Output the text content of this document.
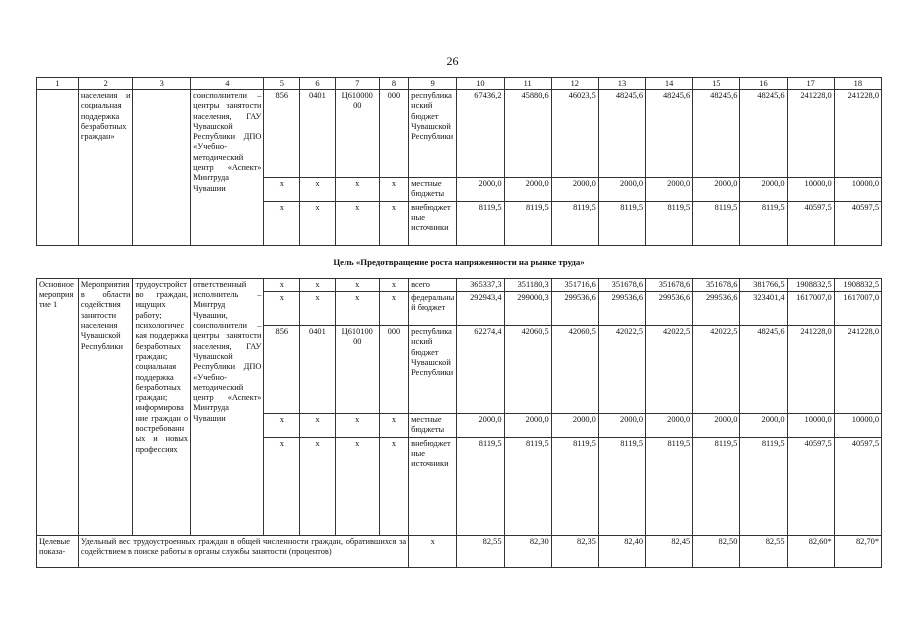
26
1	2	3	4	5	6	7	8	9	10	11	12	13	14	15	16	17	18
	населения и социальная поддержка безработных граждан»		соисполнители – центры занятости населения, ГАУ Чувашской Республики ДПО «Учебно-методический центр «Аспект» Минтруда Чувашии	856	0401	Ц610000 00	000	республиканский бюджет Чувашской Республики	67436,2	45880,6	46023,5	48245,6	48245,6	48245,6	48245,6	241228,0	241228,0
				x	x	x	x	местные бюджеты	2000,0	2000,0	2000,0	2000,0	2000,0	2000,0	2000,0	10000,0	10000,0
				x	x	x	x	внебюджетные источники	8119,5	8119,5	8119,5	8119,5	8119,5	8119,5	8119,5	40597,5	40597,5
Цель «Предотвращение роста напряженности на рынке труда»																	
Основное мероприятие 1	Мероприятия в области содействия занятости населения Чувашской Республики	трудоустройство граждан, ищущих работу; психологическая поддержка безработных граждан; социальная поддержка безработных граждан; информирование граждан о востребованных и новых профессиях	ответственный исполнитель – Минтруд Чувашии, соисполнители – центры занятости населения, ГАУ Чувашской Республики ДПО «Учебно-методический центр «Аспект» Минтруда Чувашии	x	x	x	x	всего	365337,3	351180,3	351716,6	351678,6	351678,6	351678,6	381766,5	1908832,5	1908832,5
				x	x	x	x	федеральный бюджет	292943,4	299000,3	299536,6	299536,6	299536,6	299536,6	323401,4	1617007,0	1617007,0
				856	0401	Ц610100 00	000	республиканский бюджет Чувашской Республики	62274,4	42060,5	42060,5	42022,5	42022,5	42022,5	48245,6	241228,0	241228,0
				x	x	x	x	местные бюджеты	2000,0	2000,0	2000,0	2000,0	2000,0	2000,0	2000,0	10000,0	10000,0
				x	x	x	x	внебюджетные источники	8119,5	8119,5	8119,5	8119,5	8119,5	8119,5	8119,5	40597,5	40597,5
Целевые показа-	Удельный вес трудоустроенных граждан в общей численности граждан, обратившихся за содействием в поиске работы в органы службы занятости (процентов)							x	82,55	82,30	82,35	82,40	82,45	82,50	82,55	82,60*	82,70*
